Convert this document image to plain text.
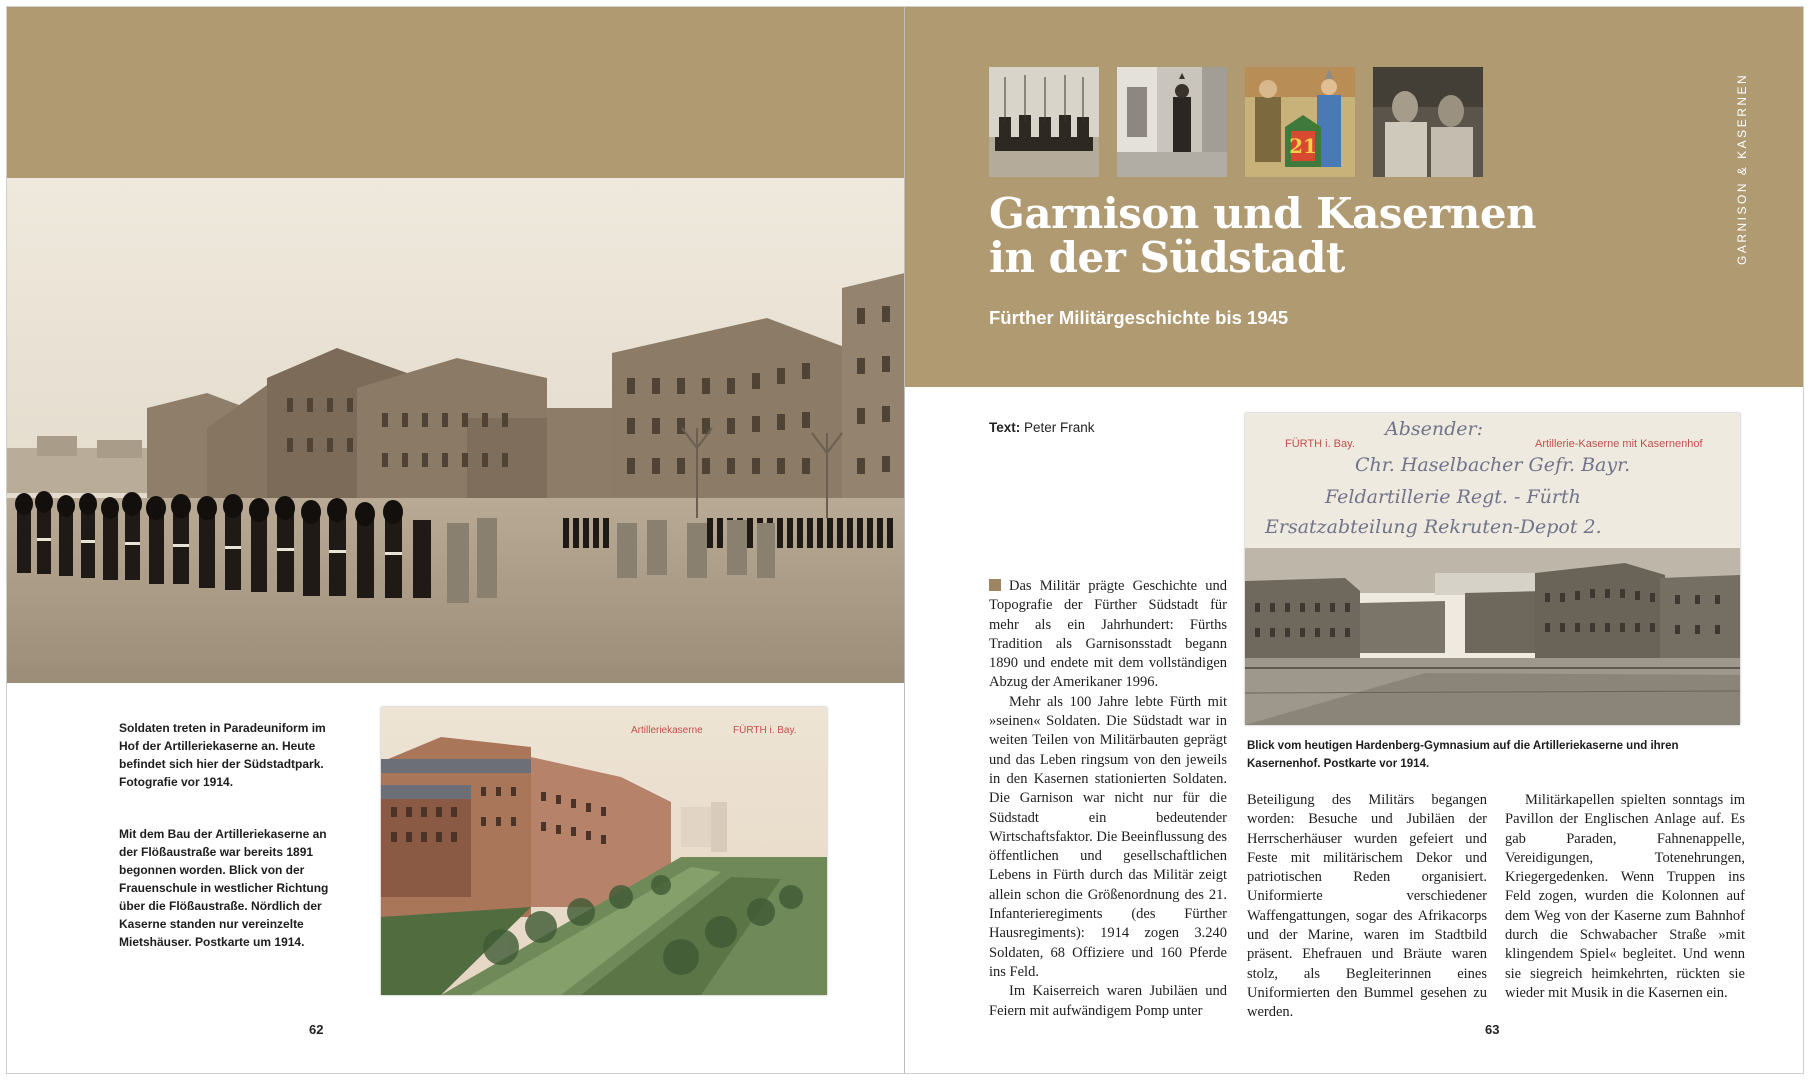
Soldaten treten in Paradeuniform im Hof der Artilleriekaserne an. Heute befindet sich hier der Südstadtpark. Fotografie vor 1914.

Mit dem Bau der Artilleriekaserne an der Flößaustraße war bereits 1891 begonnen worden. Blick von der Frauenschule in westlicher Richtung über die Flößaustraße. Nördlich der Kaserne standen nur vereinzelte Mietshäuser. Postkarte um 1914.

Artilleriekaserne	FÜRTH i. Bay.
62
21
Garnison und Kasernen
in der Südstadt
Fürther Militärgeschichte bis 1945
GARNISON & KASERNEN
Text: Peter Frank
FÜRTH i. Bay.	Artillerie-Kaserne mit Kasernenhof
Absender:
Chr. Haselbacher Gefr. Bayr.
Feldartillerie Regt. - Fürth
Ersatzabteilung Rekruten-Depot 2.

Blick vom heutigen Hardenberg-Gymnasium auf die Artilleriekaserne und ihren Kasernenhof. Postkarte vor 1914.

Das Militär prägte Geschichte und Topografie der Fürther Südstadt für mehr als ein Jahrhundert: Fürths Tradition als Garnisonsstadt begann 1890 und endete mit dem vollständigen Abzug der Amerikaner 1996.

Mehr als 100 Jahre lebte Fürth mit »seinen« Soldaten. Die Südstadt war in weiten Teilen von Militärbauten geprägt und das Leben ringsum von den jeweils in den Kasernen stationierten Soldaten. Die Garnison war nicht nur für die Südstadt ein bedeutender Wirtschaftsfaktor. Die Beeinflussung des öffentlichen und gesellschaftlichen Lebens in Fürth durch das Militär zeigt allein schon die Größenordnung des 21. Infanterieregiments (des Fürther Hausregiments): 1914 zogen 3.240 Soldaten, 68 Offiziere und 160 Pferde ins Feld.

Im Kaiserreich waren Jubiläen und Feiern mit aufwändigem Pomp unter

Beteiligung des Militärs begangen worden: Besuche und Jubiläen der Herrscherhäuser wurden gefeiert und Feste mit militärischem Dekor und patriotischen Reden organisiert. Uniformierte verschiedener Waffengattungen, sogar des Afrikacorps und der Marine, waren im Stadtbild präsent. Ehefrauen und Bräute waren stolz, als Begleiterinnen eines Uniformierten den Bummel gesehen zu werden.

Militärkapellen spielten sonntags im Pavillon der Englischen Anlage auf. Es gab Paraden, Fahnenappelle, Vereidigungen, Totenehrungen, Kriegergedenken. Wenn Truppen ins Feld zogen, wurden die Kolonnen auf dem Weg von der Kaserne zum Bahnhof durch die Schwabacher Straße »mit klingendem Spiel« begleitet. Und wenn sie siegreich heimkehrten, rückten sie wieder mit Musik in die Kasernen ein.

63
